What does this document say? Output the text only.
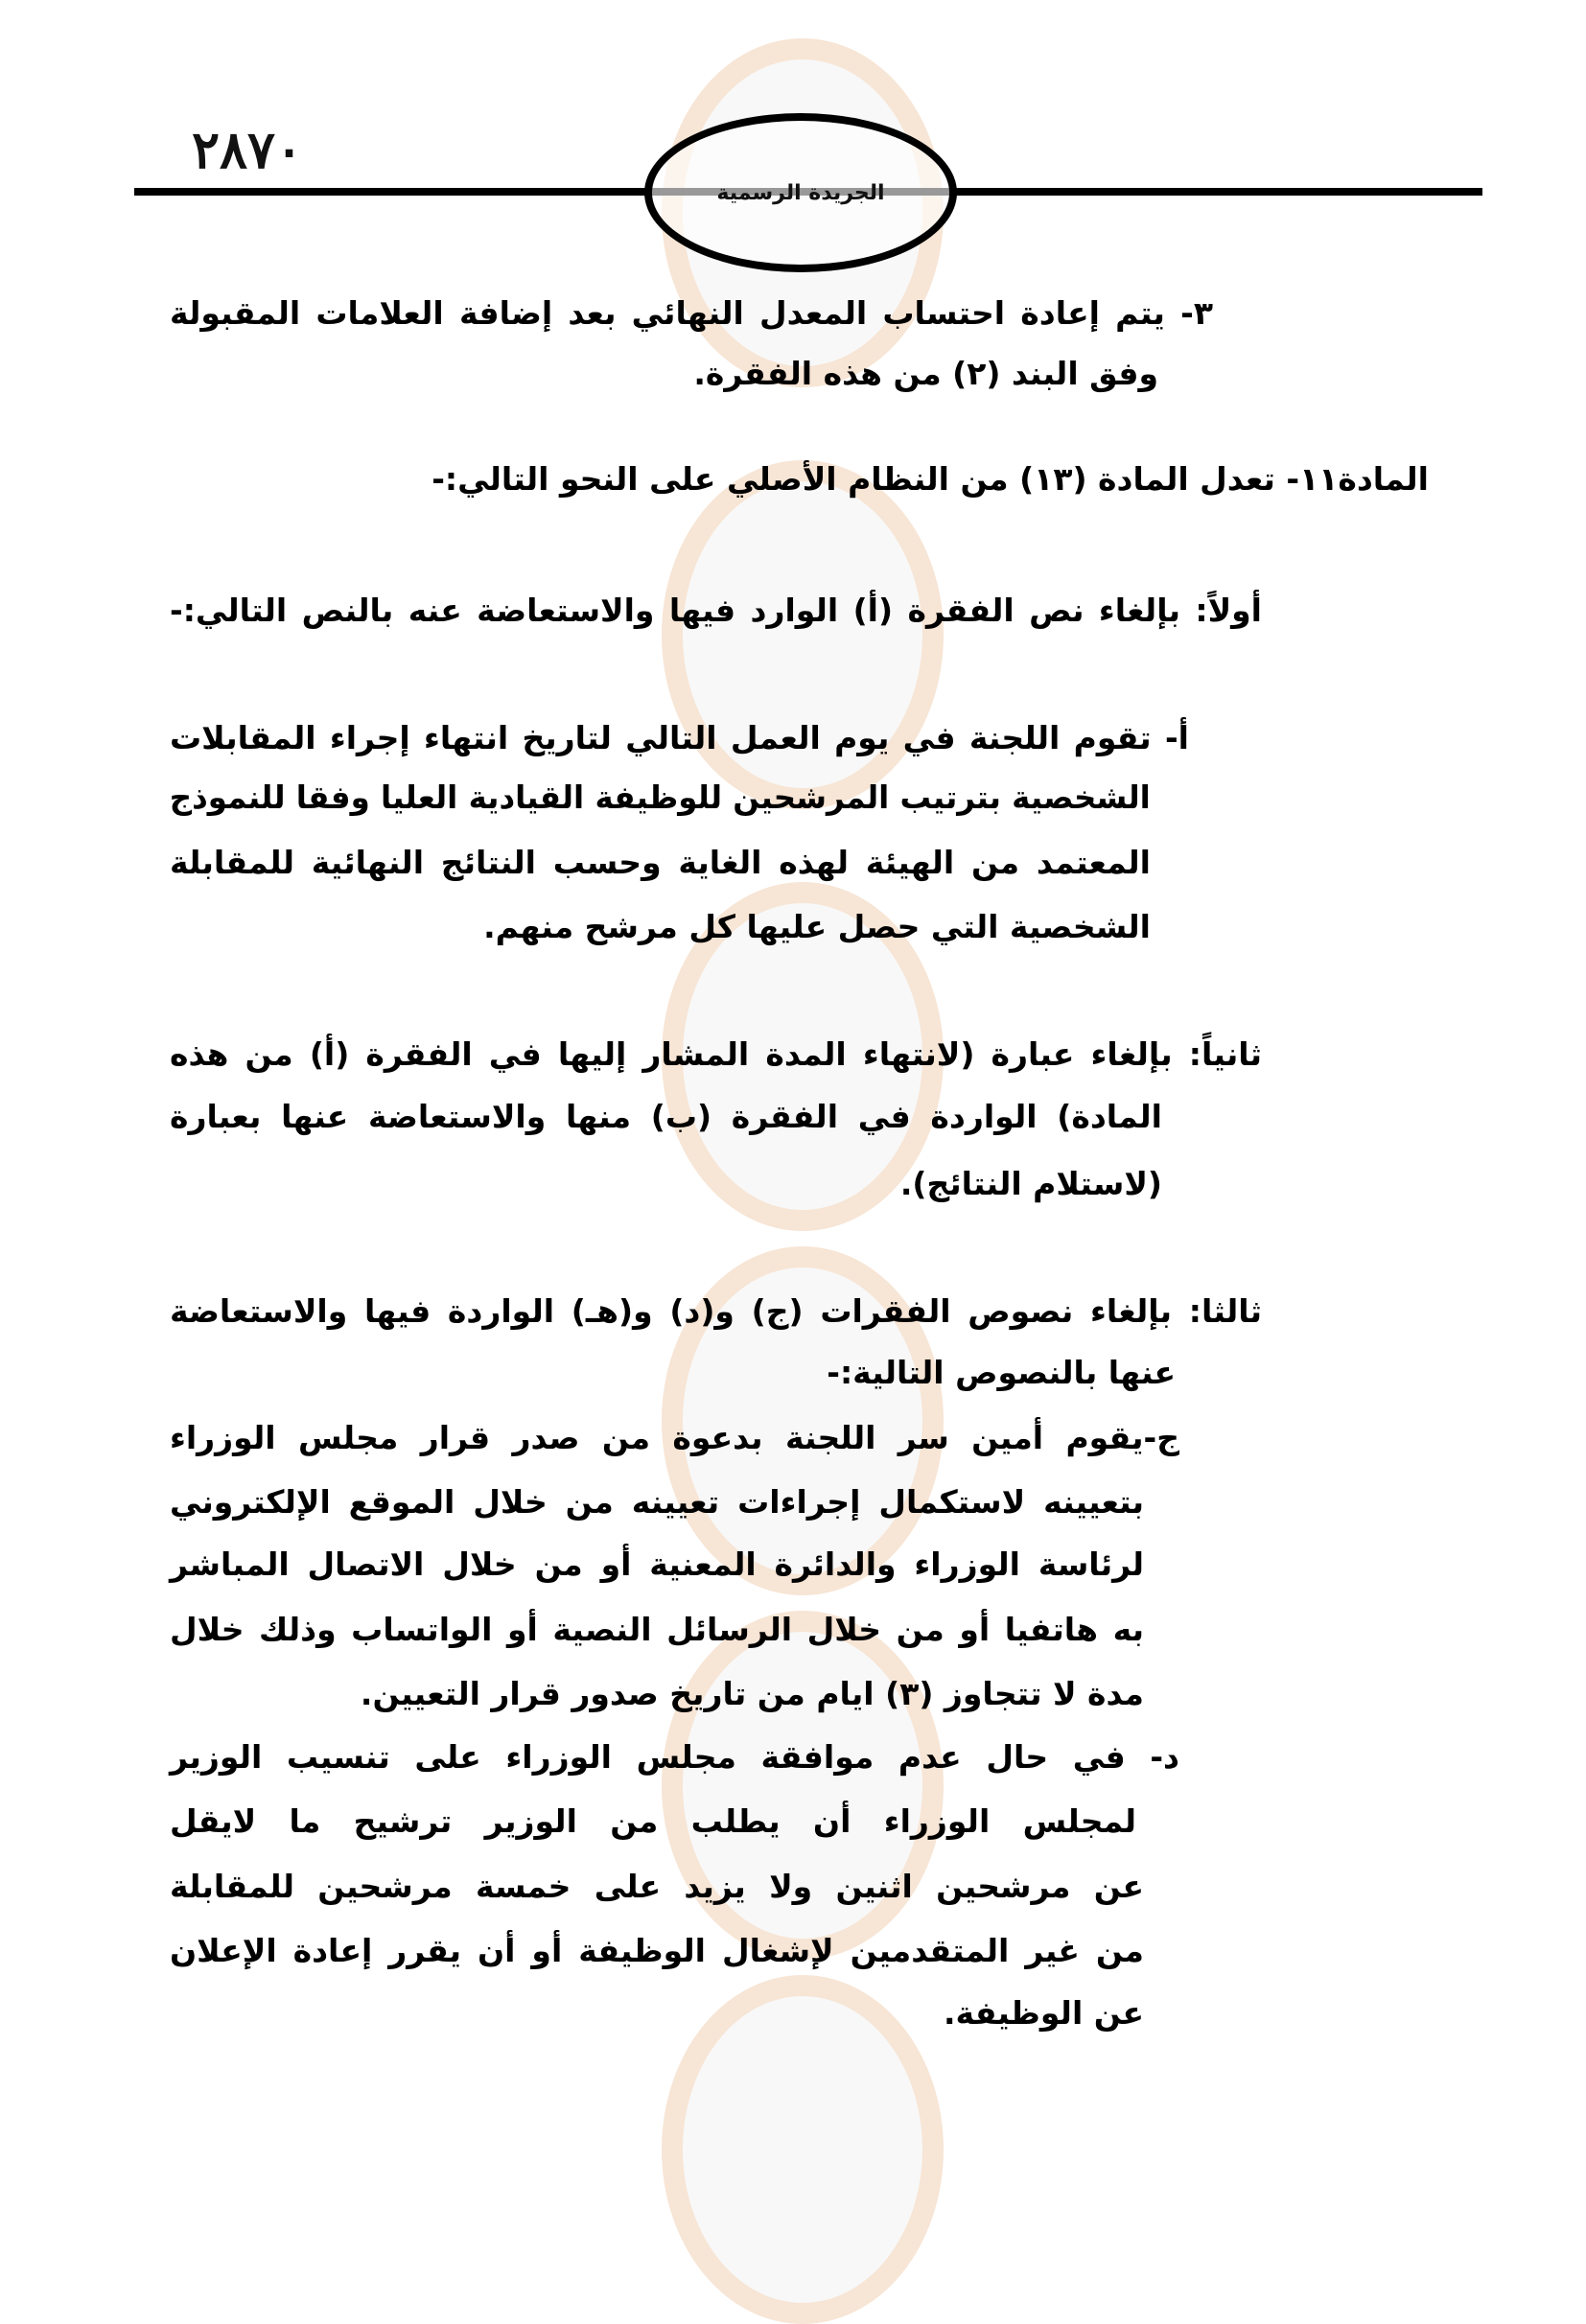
٢٨٧٠
الجريدة الرسمية
٣- يتم إعادة احتساب المعدل النهائي بعد إضافة العلامات المقبولة
وفق البند (٢) من هذه الفقرة.
المادة١١- تعدل المادة (١٣) من النظام الأصلي على النحو التالي:-
أولاً: بإلغاء نص الفقرة (أ) الوارد فيها والاستعاضة عنه بالنص التالي:-
أ- تقوم اللجنة في يوم العمل التالي لتاريخ انتهاء إجراء المقابلات
الشخصية بترتيب المرشحين للوظيفة القيادية العليا وفقا للنموذج
المعتمد من الهيئة لهذه الغاية وحسب النتائج النهائية للمقابلة
الشخصية التي حصل عليها كل مرشح منهم.
ثانياً: بإلغاء عبارة (لانتهاء المدة المشار إليها في الفقرة (أ) من هذه
المادة) الواردة في الفقرة (ب) منها والاستعاضة عنها بعبارة
(لاستلام النتائج).
ثالثا: بإلغاء نصوص الفقرات (ج) و(د) و(هـ) الواردة فيها والاستعاضة
عنها بالنصوص التالية:-
ج-يقوم أمين سر اللجنة بدعوة من صدر قرار مجلس الوزراء
بتعيينه لاستكمال إجراءات تعيينه من خلال الموقع الإلكتروني
لرئاسة الوزراء والدائرة المعنية أو من خلال الاتصال المباشر
به هاتفيا أو من خلال الرسائل النصية أو الواتساب وذلك خلال
مدة لا تتجاوز (٣) ايام من تاريخ صدور قرار التعيين.
د- في حال عدم موافقة مجلس الوزراء على تنسيب الوزير
لمجلس الوزراء أن يطلب من الوزير ترشيح ما لايقل
عن مرشحين اثنين ولا يزيد على خمسة مرشحين للمقابلة
من غير المتقدمين لإشغال الوظيفة أو أن يقرر إعادة الإعلان
عن الوظيفة.
